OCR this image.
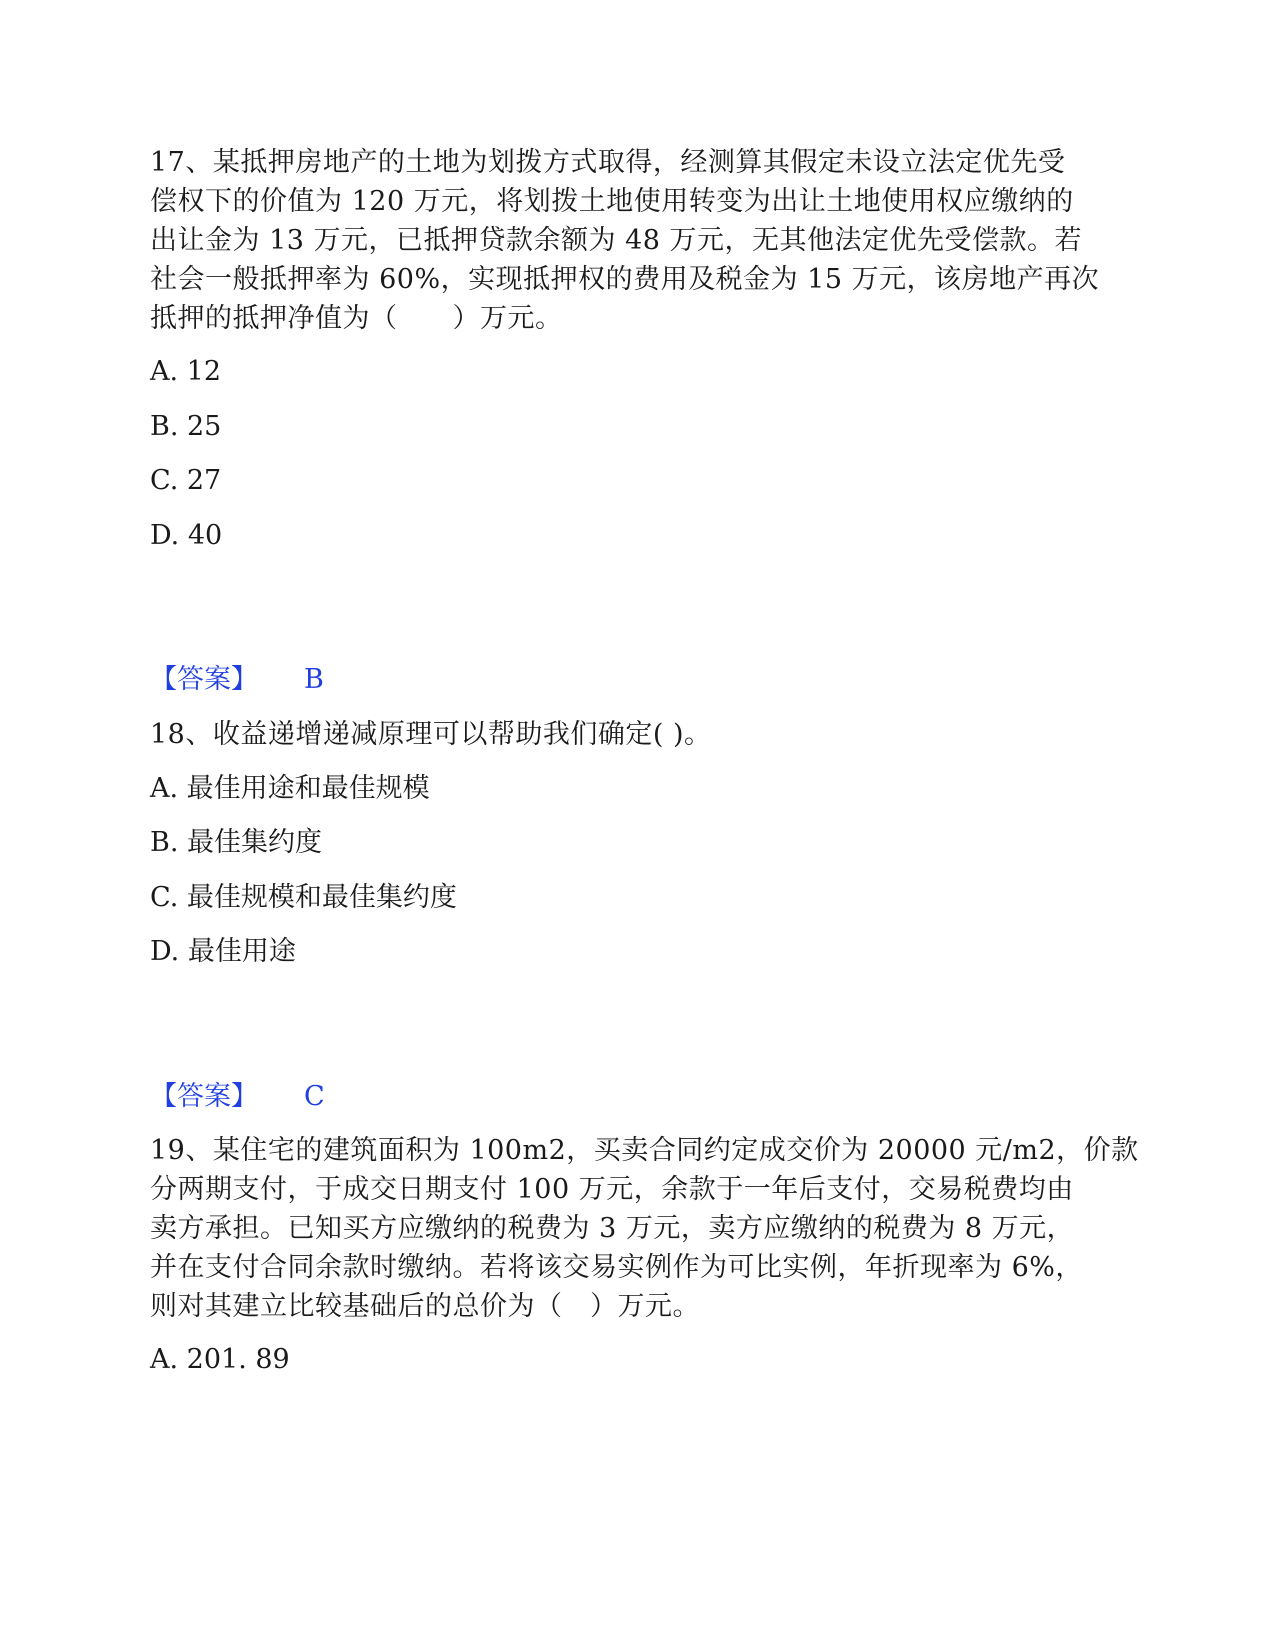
17、某抵押房地产的土地为划拨方式取得，经测算其假定未设立法定优先受
偿权下的价值为 120 万元，将划拨土地使用转变为出让土地使用权应缴纳的
出让金为 13 万元，已抵押贷款余额为 48 万元，无其他法定优先受偿款。若
社会一般抵押率为 60%，实现抵押权的费用及税金为 15 万元，该房地产再次
抵押的抵押净值为（　　）万元。
A. 12
B. 25
C. 27
D. 40
【答案】 B
18、收益递增递减原理可以帮助我们确定( )。
A. 最佳用途和最佳规模
B. 最佳集约度
C. 最佳规模和最佳集约度
D. 最佳用途
【答案】 C
19、某住宅的建筑面积为 100m2，买卖合同约定成交价为 20000 元/m2，价款
分两期支付，于成交日期支付 100 万元，余款于一年后支付，交易税费均由
卖方承担。已知买方应缴纳的税费为 3 万元，卖方应缴纳的税费为 8 万元，
并在支付合同余款时缴纳。若将该交易实例作为可比实例，年折现率为 6%，
则对其建立比较基础后的总价为（　）万元。
A. 201. 89
